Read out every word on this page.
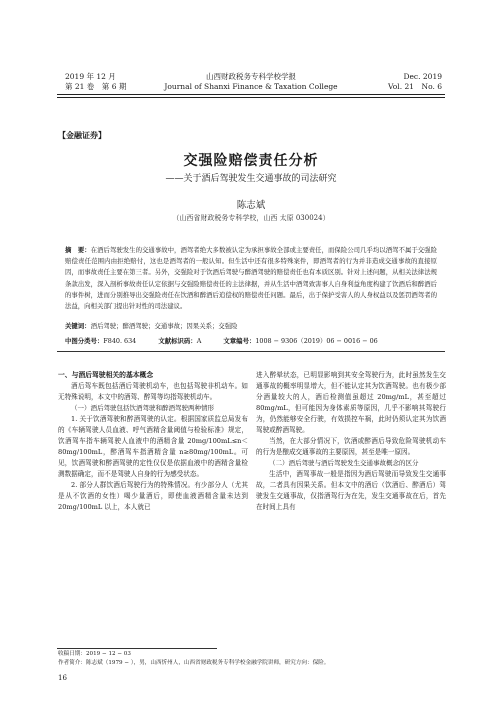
2019 年 12 月
第 21 卷　第 6 期
山西财政税务专科学校学报
Journal of Shanxi Finance & Taxation College
Dec. 2019
Vol. 21　No. 6
【金融证券】
交强险赔偿责任分析
——关于酒后驾驶发生交通事故的司法研究
陈志斌
（山西省财政税务专科学校，山西 太原 030024）
摘　要：在酒后驾驶发生的交通事故中，酒驾者绝大多数被认定为承担事故全部或主要责任，而保险公司几乎均以酒驾不属于交强险赔偿责任范围内由拒绝赔付，这也是酒驾者的一般认知。但生活中还有很多特殊案件，即酒驾者的行为并非造成交通事故的直接原因，而事故责任主要在第三者。另外，交强险对于饮酒后驾驶与醉酒驾驶的赔偿责任也有本质区别。针对上述问题，从相关法律法规条款出发，深入剖析事故责任认定依据与交强险赔偿责任的主法律据，并从生活中酒驾致害事人自身利益角度构建了饮酒后和醉酒后的事件树，进而分别推导出交强险责任在饮酒和醉酒后追偿权的赔偿责任问题。最后，出于保护受害人的人身权益以及惩罚酒驾者的法益，向相关部门提出针对性的司法建议。
关键词：酒后驾驶；醉酒驾驶；交通事故；因果关系；交强险
中图分类号：F840. 634	文献标识码：A	文章编号：1008 − 9306（2019）06 − 0016 − 06

一、与酒后驾驶相关的基本概念

酒后驾车既包括酒后驾驶机动车，也包括驾驶非机动车。如无特殊说明，本文中的酒驾、醉驾等均指驾驶机动车。

（一）酒后驾驶包括饮酒驾驶和醉酒驾驶两种情形

1. 关于饮酒驾驶和醉酒驾驶的认定。根据国家质监总局发布的《车辆驾驶人员血液、呼气酒精含量阈值与检验标准》规定，饮酒驾车指车辆驾驶人血液中的酒精含量 20mg/100mL≤n＜80mg/100mL，醉酒驾车指酒精含量 n≥80mg/100mL。可见，饮酒驾驶和醉酒驾驶的定性仅仅是依据血液中的酒精含量检测数据确定，而不是驾驶人自身的行为感受状态。

2. 部分人群饮酒后驾驶行为的特殊情况。有少部分人（尤其是从不饮酒的女性）喝少量酒后，即使血液酒精含量未达到 20mg/100mL 以上，本人就已

进入醉晕状态，已明显影响到其安全驾驶行为，此时虽然发生交通事故的概率明显增大，但不能认定其为饮酒驾驶。也有极少部分酒量较大的人，酒后检测值虽超过 20mg/mL，甚至超过 80mg/mL，但可能因为身体素质等原因，几乎不影响其驾驶行为，仍然能够安全行驶，有效损控车祸，此时仍须认定其为饮酒驾驶或醉酒驾驶。

当然，在大部分情况下，饮酒或醉酒后导致危险驾驶机动车的行为是酿成交通事故的主要原因，甚至是唯一原因。

（二）酒后驾驶与酒后驾驶发生交通事故概念的区分

生活中，酒驾事故一般是指因为酒后驾驶而导致发生交通事故，二者具有因果关系。但本文中的酒后（饮酒后、醉酒后）驾驶发生交通事故，仅指酒驾行为在先，发生交通事故在后，首先在时间上具有

收稿日期：2019 − 12 − 03
作者简介：陈志斌（1979 − ），男，山西忻州人，山西省财政税务专科学校金融学院讲师，研究方向：保险。
16
